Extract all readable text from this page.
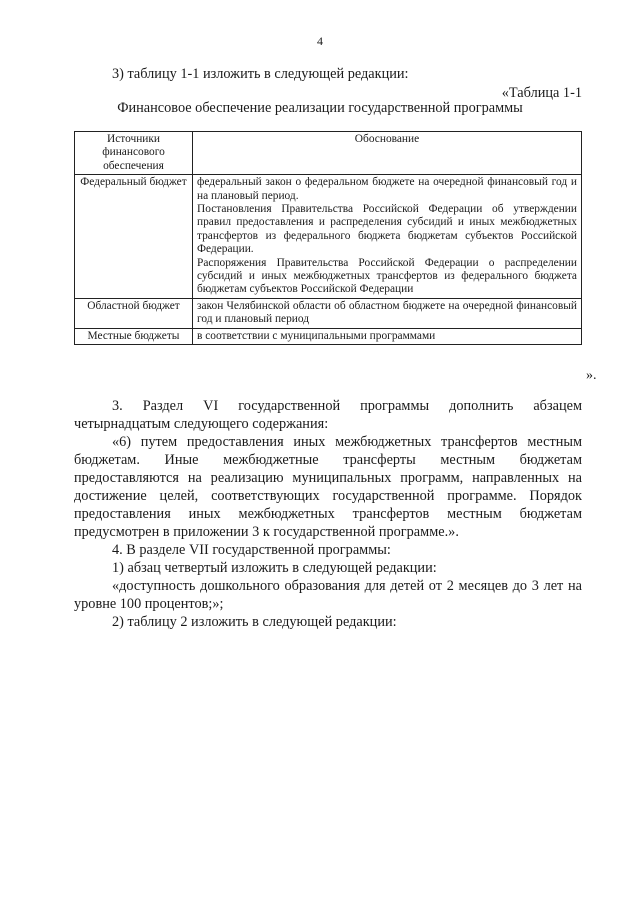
4
3) таблицу 1-1 изложить в следующей редакции:
«Таблица 1-1
Финансовое обеспечение реализации государственной программы
Источники финансового обеспечения	Обоснование
Федеральный бюджет	федеральный закон о федеральном бюджете на очередной финансовый год и на плановый период.

Постановления Правительства Российской Федерации об утверждении правил предоставления и распределения субсидий и иных межбюджетных трансфертов из федерального бюджета бюджетам субъектов Российской Федерации.

Распоряжения Правительства Российской Федерации о распределении субсидий и иных межбюджетных трансфертов из федерального бюджета бюджетам субъектов Российской Федерации

Областной бюджет	закон Челябинской области об областном бюджете на очередной финансовый год и плановый период

Местные бюджеты	в соответствии с муниципальными программами

».
3. Раздел VI государственной программы дополнить абзацем четырнадцатым следующего содержания:
«6) путем предоставления иных межбюджетных трансфертов местным бюджетам. Иные межбюджетные трансферты местным бюджетам предоставляются на реализацию муниципальных программ, направленных на достижение целей, соответствующих государственной программе. Порядок предоставления иных межбюджетных трансфертов местным бюджетам предусмотрен в приложении 3 к государственной программе.».
4. В разделе VII государственной программы:
1) абзац четвертый изложить в следующей редакции:
«доступность дошкольного образования для детей от 2 месяцев до 3 лет на уровне 100 процентов;»;
2) таблицу 2 изложить в следующей редакции:
